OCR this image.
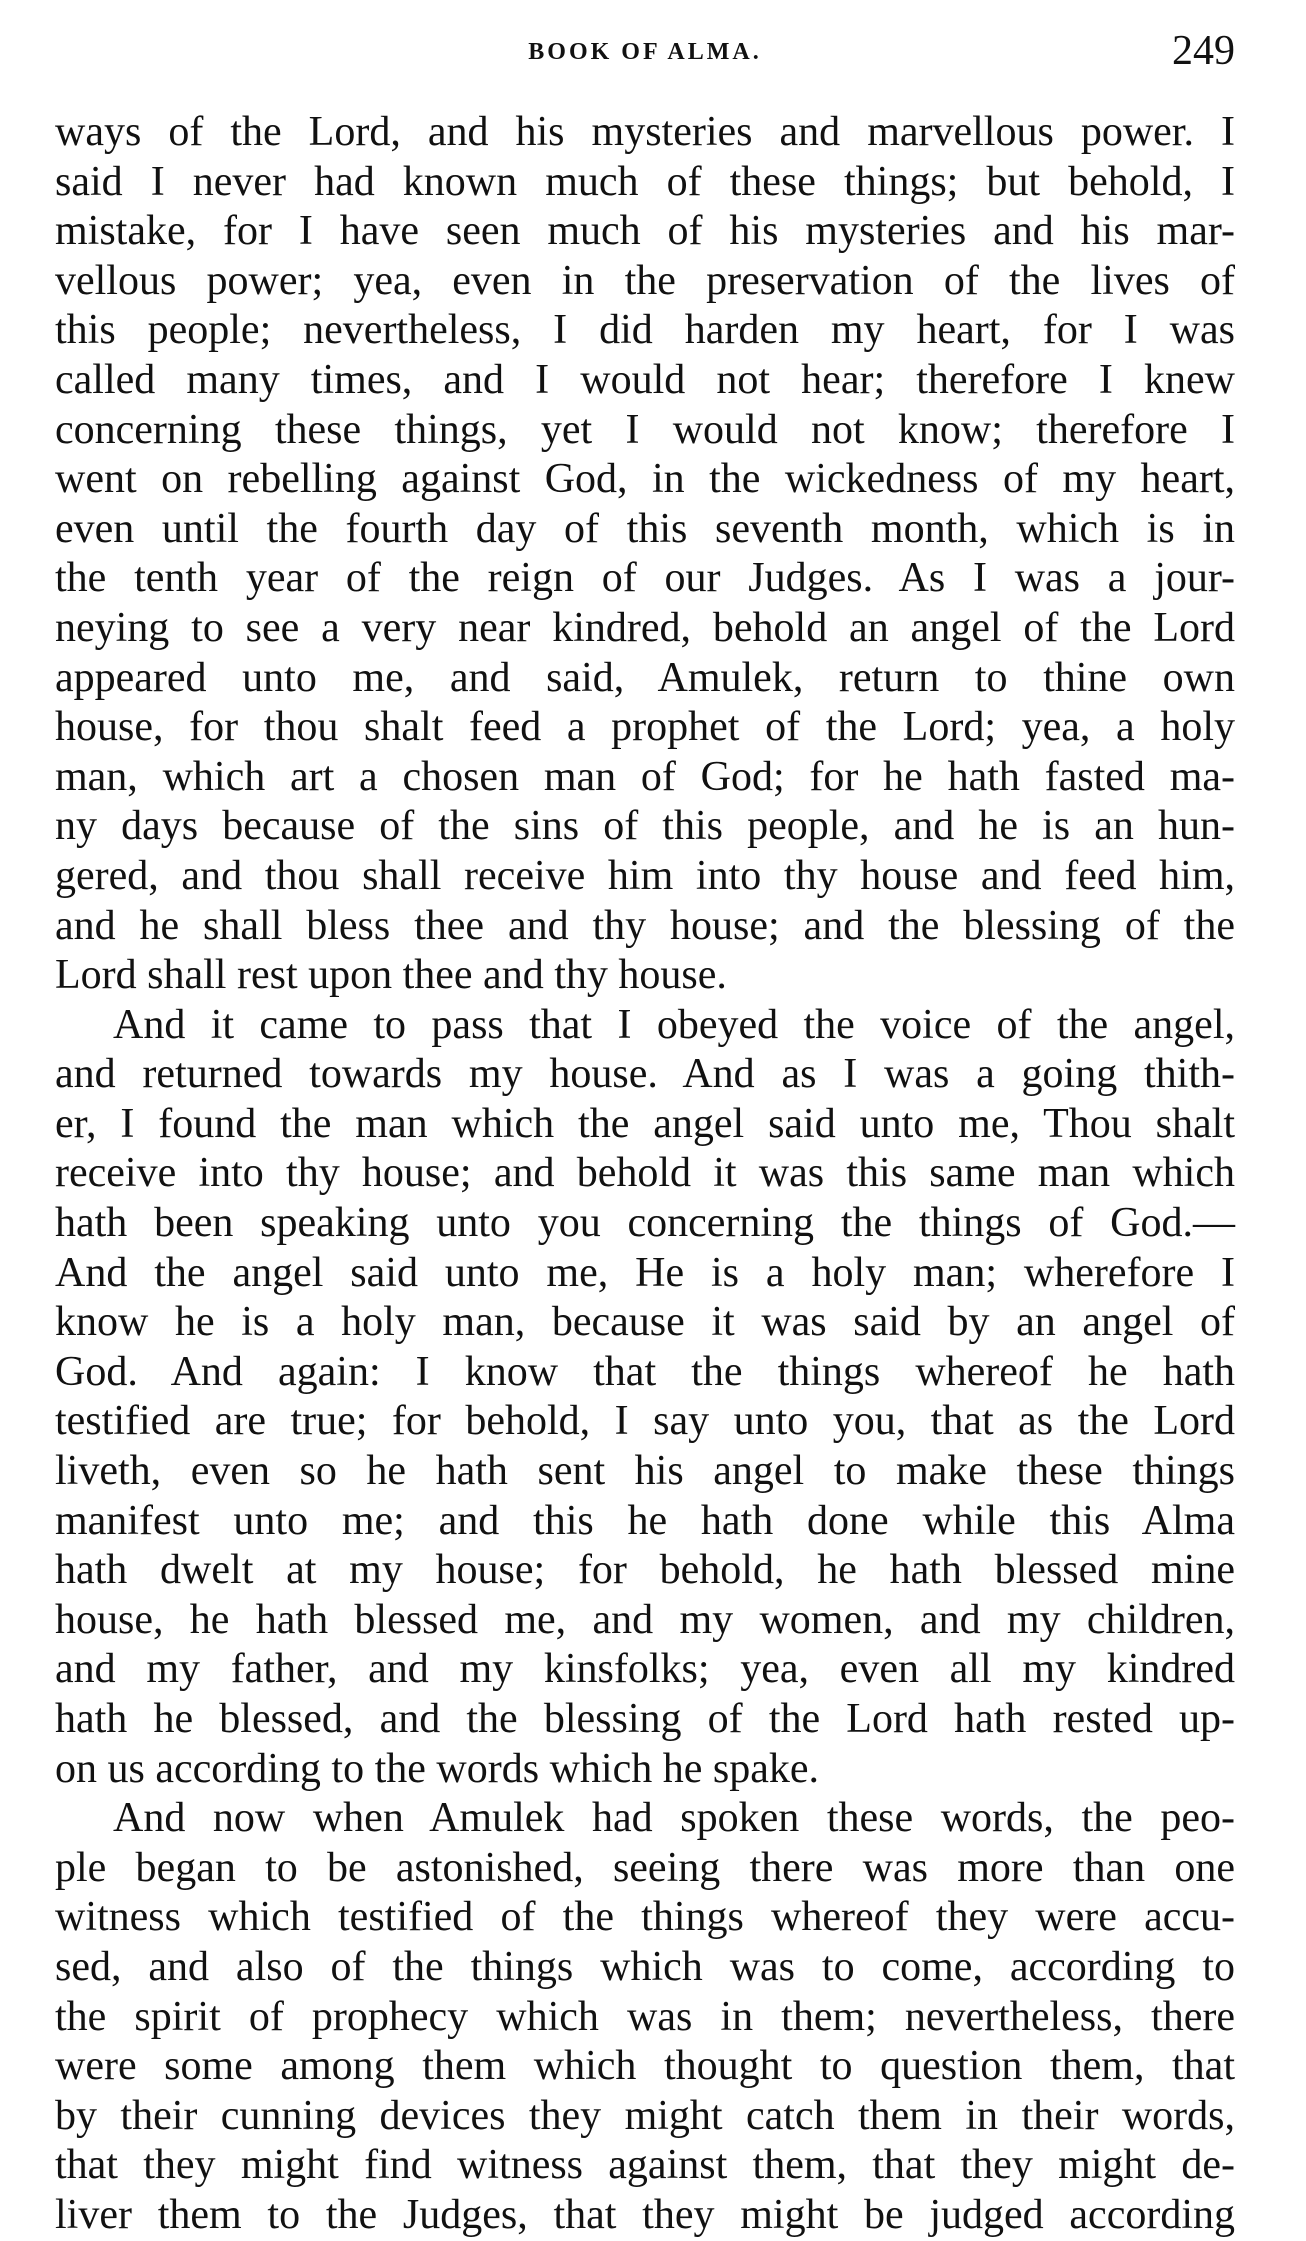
BOOK OF ALMA.	249
ways of the Lord, and his mysteries and marvellous power. I
said I never had known much of these things; but behold, I
mistake, for I have seen much of his mysteries and his mar-
vellous power; yea, even in the preservation of the lives of
this people; nevertheless, I did harden my heart, for I was
called many times, and I would not hear; therefore I knew
concerning these things, yet I would not know; therefore I
went on rebelling against God, in the wickedness of my heart,
even until the fourth day of this seventh month, which is in
the tenth year of the reign of our Judges. As I was a jour-
neying to see a very near kindred, behold an angel of the Lord
appeared unto me, and said, Amulek, return to thine own
house, for thou shalt feed a prophet of the Lord; yea, a holy
man, which art a chosen man of God; for he hath fasted ma-
ny days because of the sins of this people, and he is an hun-
gered, and thou shall receive him into thy house and feed him,
and he shall bless thee and thy house; and the blessing of the
Lord shall rest upon thee and thy house.
And it came to pass that I obeyed the voice of the angel,
and returned towards my house. And as I was a going thith-
er, I found the man which the angel said unto me, Thou shalt
receive into thy house; and behold it was this same man which
hath been speaking unto you concerning the things of God.—
And the angel said unto me, He is a holy man; wherefore I
know he is a holy man, because it was said by an angel of
God. And again: I know that the things whereof he hath
testified are true; for behold, I say unto you, that as the Lord
liveth, even so he hath sent his angel to make these things
manifest unto me; and this he hath done while this Alma
hath dwelt at my house; for behold, he hath blessed mine
house, he hath blessed me, and my women, and my children,
and my father, and my kinsfolks; yea, even all my kindred
hath he blessed, and the blessing of the Lord hath rested up-
on us according to the words which he spake.
And now when Amulek had spoken these words, the peo-
ple began to be astonished, seeing there was more than one
witness which testified of the things whereof they were accu-
sed, and also of the things which was to come, according to
the spirit of prophecy which was in them; nevertheless, there
were some among them which thought to question them, that
by their cunning devices they might catch them in their words,
that they might find witness against them, that they might de-
liver them to the Judges, that they might be judged according
